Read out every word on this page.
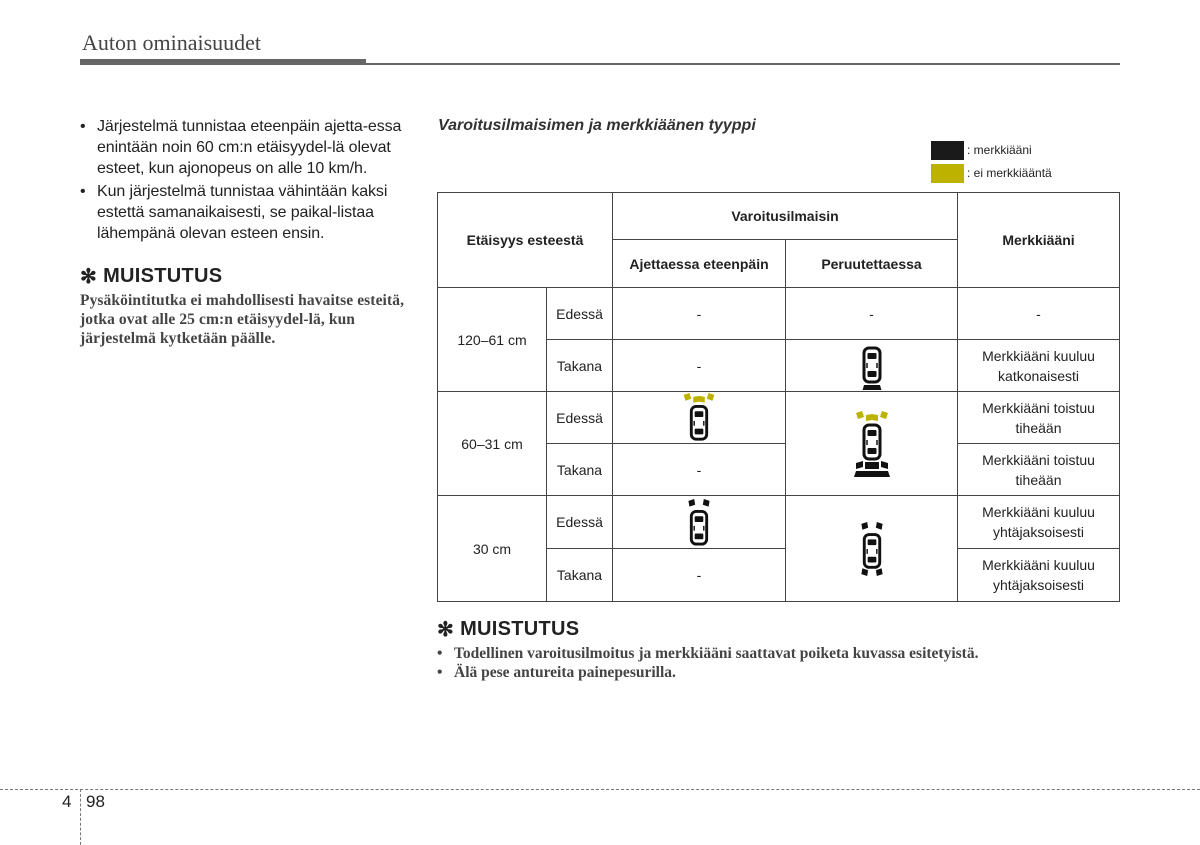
Auton ominaisuudet
• Järjestelmä tunnistaa eteenpäin ajetta-essa enintään noin 60 cm:n etäisyydel-lä olevat esteet, kun ajonopeus on alle 10 km/h.
• Kun järjestelmä tunnistaa vähintään kaksi estettä samanaikaisesti, se paikal-listaa lähempänä olevan esteen ensin.
✻ MUISTUTUS
Pysäköintitutka ei mahdollisesti havaitse esteitä, jotka ovat alle 25 cm:n etäisyydel-lä, kun järjestelmä kytketään päälle.
Varoitusilmaisimen ja merkkiäänen tyyppi
: merkkiääni
: ei merkkiääntä
Etäisyys esteestä		Varoitusilmaisin		Merkkiääni
		Ajettaessa eteenpäin	Peruutettaessa	
120–61 cm	Edessä	-	-	-
	Takana	-		Merkkiääni kuuluu katkonaisesti
60–31 cm	Edessä			Merkkiääni toistuu tiheään
	Takana	-		Merkkiääni toistuu tiheään
30 cm	Edessä			Merkkiääni kuuluu yhtäjaksoisesti
	Takana	-		Merkkiääni kuuluu yhtäjaksoisesti
✻ MUISTUTUS
• Todellinen varoitusilmoitus ja merkkiääni saattavat poiketa kuvassa esitetyistä.
• Älä pese antureita painepesurilla.
4 98
